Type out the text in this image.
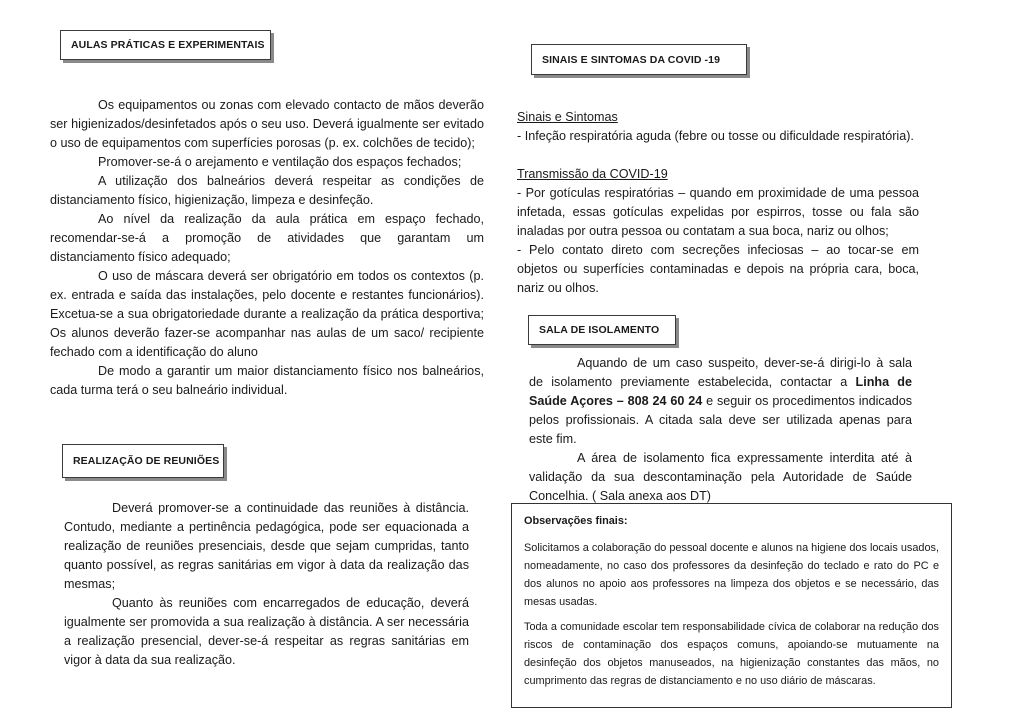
AULAS PRÁTICAS E EXPERIMENTAIS

Os equipamentos ou zonas com elevado contacto de mãos deverão ser higienizados/desinfetados após o seu uso. Deverá igualmente ser evitado o uso de equipamentos com superfícies porosas (p. ex. colchões de tecido);

Promover-se-á o arejamento e ventilação dos espaços fechados;

A utilização dos balneários deverá respeitar as condições de distanciamento físico, higienização, limpeza e desinfeção.

Ao nível da realização da aula prática em espaço fechado, recomendar-se-á a promoção de atividades que garantam um distanciamento físico adequado;

O uso de máscara deverá ser obrigatório em todos os contextos (p. ex. entrada e saída das instalações, pelo docente e restantes funcionários). Excetua-se a sua obrigatoriedade durante a realização da prática desportiva; Os alunos deverão fazer-se acompanhar nas aulas de um saco/ recipiente fechado com a identificação do aluno

De modo a garantir um maior distanciamento físico nos balneários, cada turma terá o seu balneário individual.

REALIZAÇÃO DE REUNIÕES

Deverá promover-se a continuidade das reuniões à distância. Contudo, mediante a pertinência pedagógica, pode ser equacionada a realização de reuniões presenciais, desde que sejam cumpridas, tanto quanto possível, as regras sanitárias em vigor à data da realização das mesmas;

Quanto às reuniões com encarregados de educação, deverá igualmente ser promovida a sua realização à distância. A ser necessária a realização presencial, dever-se-á respeitar as regras sanitárias em vigor à data da sua realização.

SINAIS E SINTOMAS DA COVID -19

Sinais e Sintomas

- Infeção respiratória aguda (febre ou tosse ou dificuldade respiratória).

Transmissão da COVID-19

- Por gotículas respiratórias – quando em proximidade de uma pessoa infetada, essas gotículas expelidas por espirros, tosse ou fala são inaladas por outra pessoa ou contatam a sua boca, nariz ou olhos;

- Pelo contato direto com secreções infeciosas – ao tocar-se em objetos ou superfícies contaminadas e depois na própria cara, boca, nariz ou olhos.

SALA DE ISOLAMENTO

Aquando de um caso suspeito, dever-se-á dirigi-lo à sala de isolamento previamente estabelecida, contactar a Linha de Saúde Açores – 808 24 60 24 e seguir os procedimentos indicados pelos profissionais. A citada sala deve ser utilizada apenas para este fim.

A área de isolamento fica expressamente interdita até à validação da sua descontaminação pela Autoridade de Saúde Concelhia. ( Sala anexa aos DT)

Observações finais:

Solicitamos a colaboração do pessoal docente e alunos na higiene dos locais usados, nomeadamente, no caso dos professores da desinfeção do teclado e rato do PC e dos alunos no apoio aos professores na limpeza dos objetos e se necessário, das mesas usadas.

Toda a comunidade escolar tem responsabilidade cívica de colaborar na redução dos riscos de contaminação dos espaços comuns, apoiando-se mutuamente na desinfeção dos objetos manuseados, na higienização constantes das mãos, no cumprimento das regras de distanciamento e no uso diário de máscaras.
